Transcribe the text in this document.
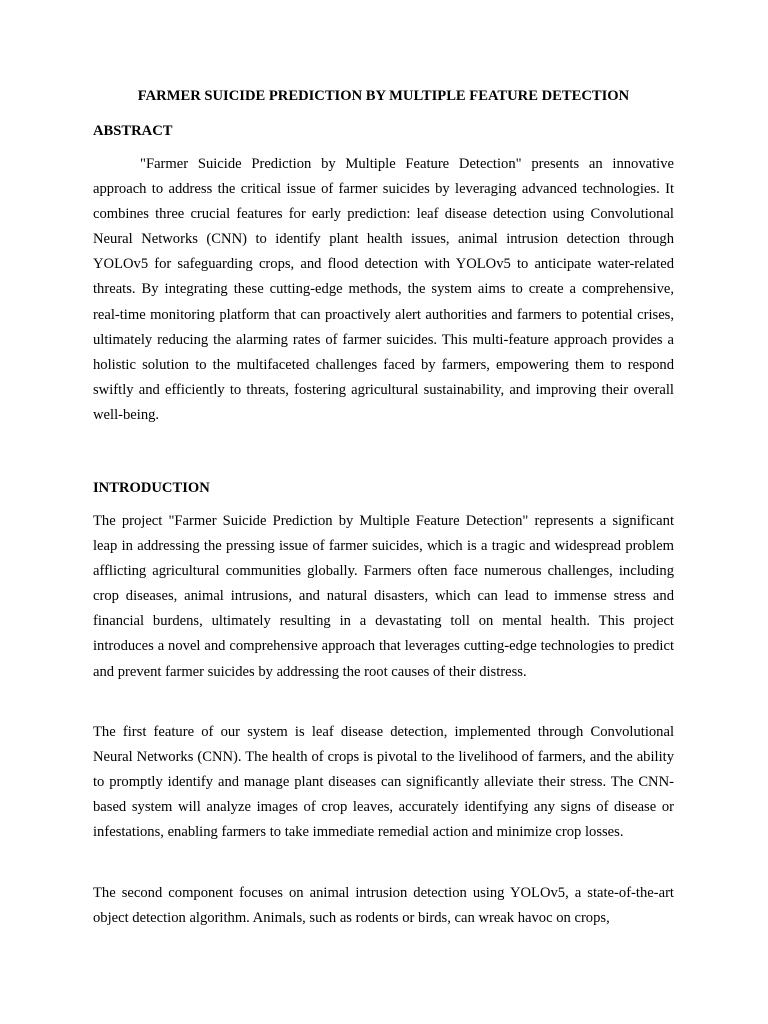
FARMER SUICIDE PREDICTION BY MULTIPLE FEATURE DETECTION
ABSTRACT

"Farmer Suicide Prediction by Multiple Feature Detection" presents an innovative approach to address the critical issue of farmer suicides by leveraging advanced technologies. It combines three crucial features for early prediction: leaf disease detection using Convolutional Neural Networks (CNN) to identify plant health issues, animal intrusion detection through YOLOv5 for safeguarding crops, and flood detection with YOLOv5 to anticipate water-related threats. By integrating these cutting-edge methods, the system aims to create a comprehensive, real-time monitoring platform that can proactively alert authorities and farmers to potential crises, ultimately reducing the alarming rates of farmer suicides. This multi-feature approach provides a holistic solution to the multifaceted challenges faced by farmers, empowering them to respond swiftly and efficiently to threats, fostering agricultural sustainability, and improving their overall well-being.

INTRODUCTION

The project "Farmer Suicide Prediction by Multiple Feature Detection" represents a significant leap in addressing the pressing issue of farmer suicides, which is a tragic and widespread problem afflicting agricultural communities globally. Farmers often face numerous challenges, including crop diseases, animal intrusions, and natural disasters, which can lead to immense stress and financial burdens, ultimately resulting in a devastating toll on mental health. This project introduces a novel and comprehensive approach that leverages cutting-edge technologies to predict and prevent farmer suicides by addressing the root causes of their distress.

The first feature of our system is leaf disease detection, implemented through Convolutional Neural Networks (CNN). The health of crops is pivotal to the livelihood of farmers, and the ability to promptly identify and manage plant diseases can significantly alleviate their stress. The CNN-based system will analyze images of crop leaves, accurately identifying any signs of disease or infestations, enabling farmers to take immediate remedial action and minimize crop losses.

The second component focuses on animal intrusion detection using YOLOv5, a state-of-the-art object detection algorithm. Animals, such as rodents or birds, can wreak havoc on crops,
